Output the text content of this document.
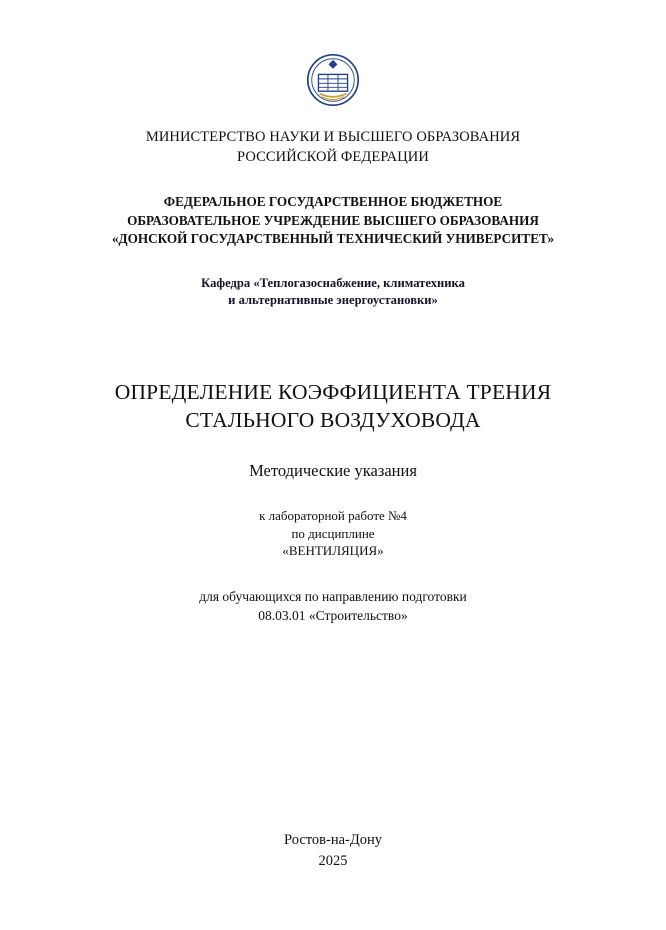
МИНИСТЕРСТВО НАУКИ И ВЫСШЕГО ОБРАЗОВАНИЯ
РОССИЙСКОЙ ФЕДЕРАЦИИ
ФЕДЕРАЛЬНОЕ ГОСУДАРСТВЕННОЕ БЮДЖЕТНОЕ
ОБРАЗОВАТЕЛЬНОЕ УЧРЕЖДЕНИЕ ВЫСШЕГО ОБРАЗОВАНИЯ
«ДОНСКОЙ ГОСУДАРСТВЕННЫЙ ТЕХНИЧЕСКИЙ УНИВЕРСИТЕТ»
Кафедра «Теплогазоснабжение, климатехника
и альтернативные энергоустановки»
ОПРЕДЕЛЕНИЕ КОЭФФИЦИЕНТА ТРЕНИЯ
СТАЛЬНОГО ВОЗДУХОВОДА
Методические указания
к лабораторной работе №4
по дисциплине
«ВЕНТИЛЯЦИЯ»
для обучающихся по направлению подготовки
08.03.01 «Строительство»
Ростов-на-Дону
2025
